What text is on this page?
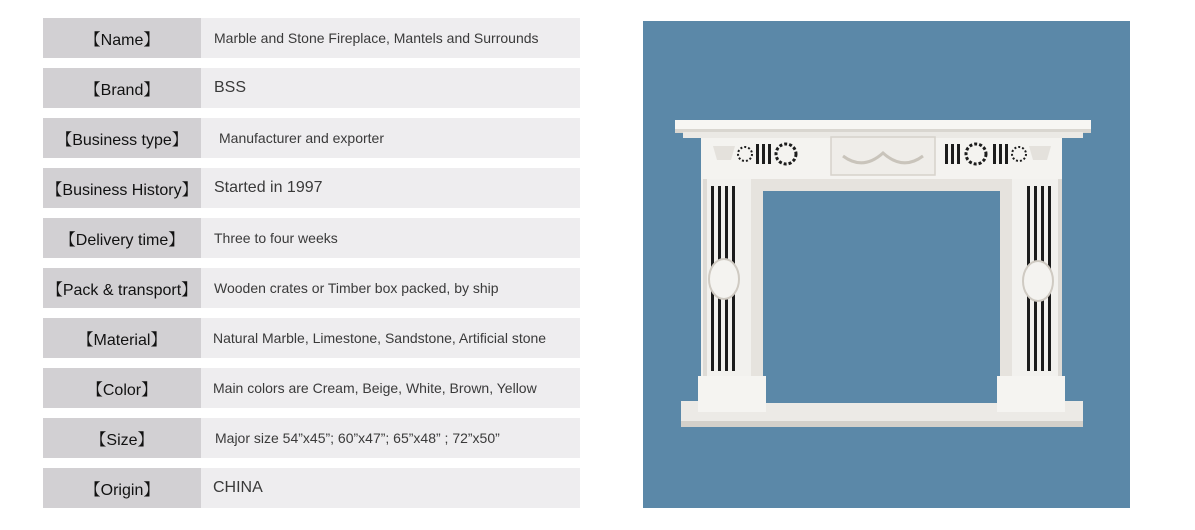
【Name】	Marble and Stone Fireplace, Mantels and Surrounds
【Brand】	BSS
【Business type】	Manufacturer and exporter
【Business History】	Started in 1997
【Delivery time】	Three to four weeks
【Pack & transport】	Wooden crates or Timber box packed, by ship
【Material】	Natural Marble, Limestone, Sandstone, Artificial stone
【Color】	Main colors are Cream, Beige, White, Brown, Yellow
【Size】	Major size 54”x45”; 60”x47”; 65”x48” ; 72”x50”
【Origin】	CHINA
